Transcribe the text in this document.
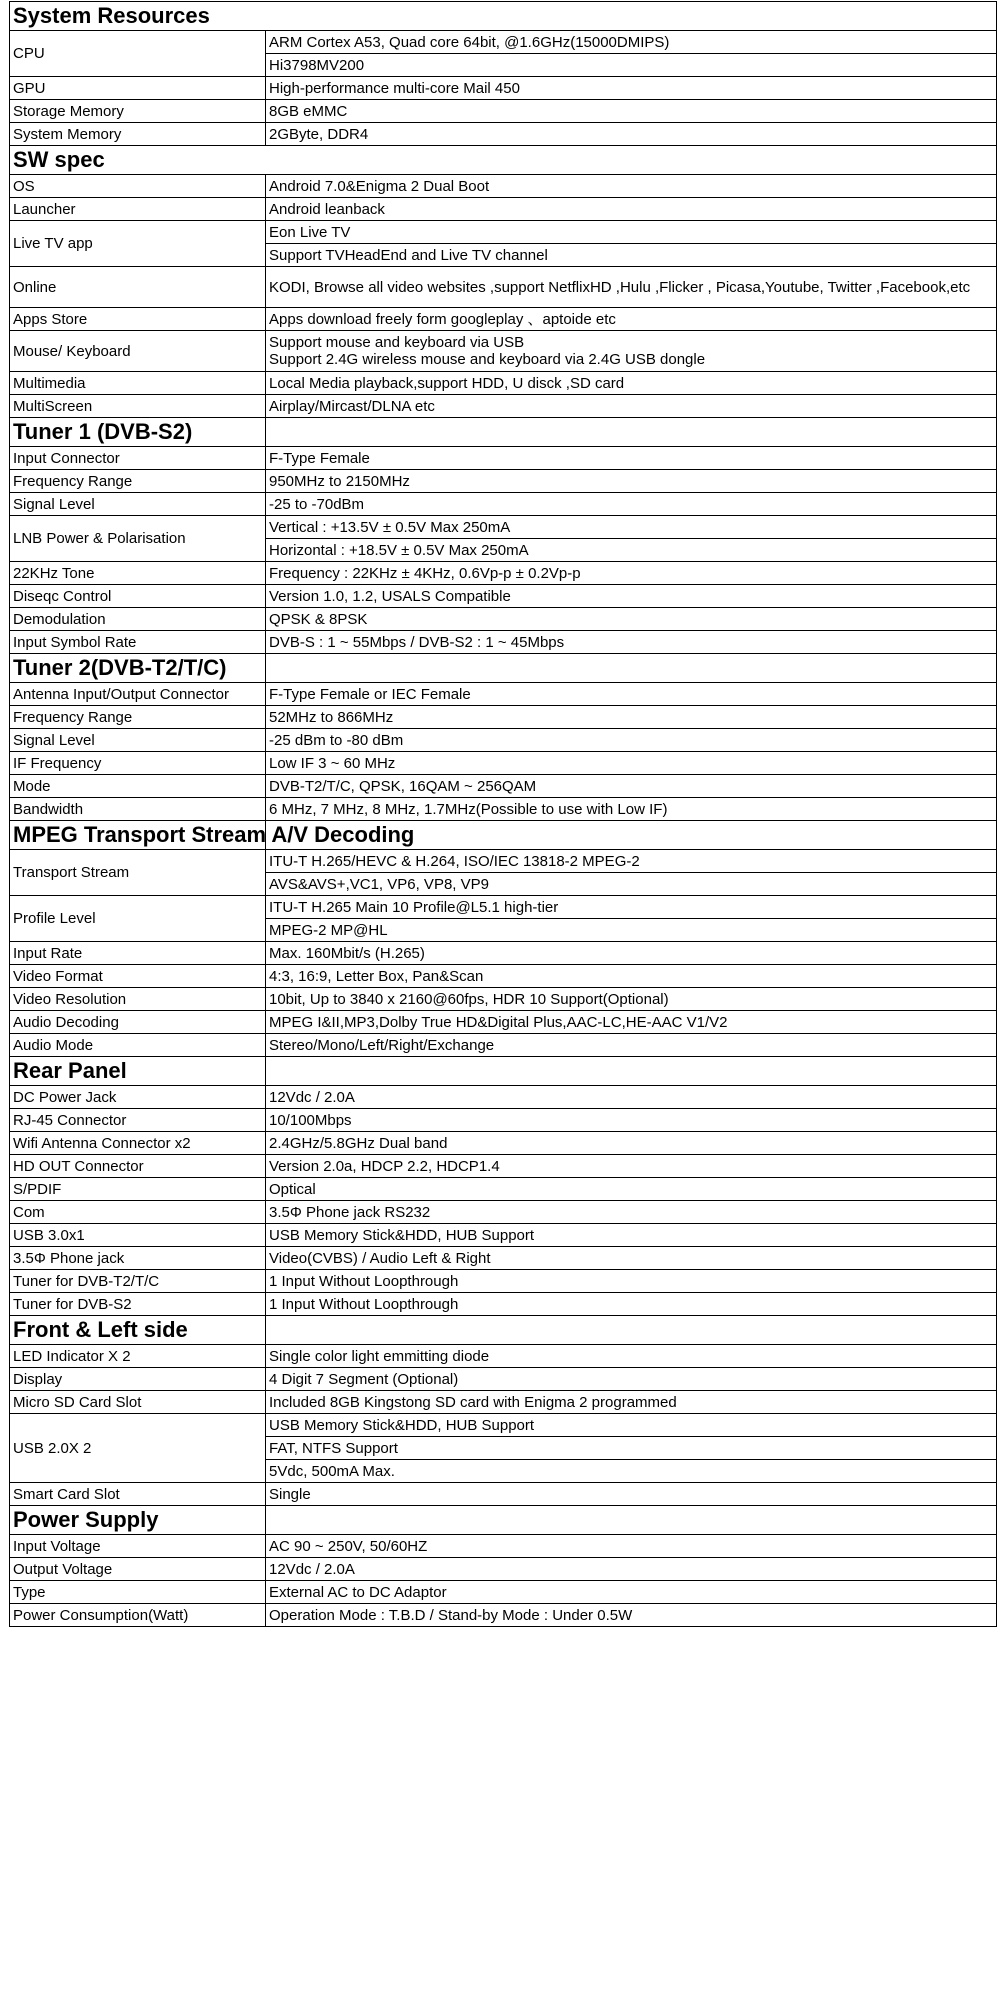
System Resources	
CPU	ARM Cortex A53, Quad core 64bit, @1.6GHz(15000DMIPS)
	Hi3798MV200
GPU	High-performance multi-core Mail 450
Storage Memory	8GB eMMC
System Memory	2GByte, DDR4
SW spec	
OS	Android 7.0&Enigma 2 Dual Boot
Launcher	Android leanback
Live TV app	Eon Live TV
	Support TVHeadEnd and Live TV channel
Online	KODI, Browse all video websites ,support NetflixHD ,Hulu ,Flicker , Picasa,Youtube, Twitter ,Facebook,etc
Apps Store	Apps download freely form googleplay 、aptoide etc
Mouse/ Keyboard	Support mouse and keyboard via USB
Support 2.4G wireless mouse and keyboard via 2.4G USB dongle
Multimedia	Local Media playback,support HDD, U disck ,SD card
MultiScreen	Airplay/Mircast/DLNA etc
Tuner 1 (DVB-S2)	
Input Connector	F-Type Female
Frequency Range	950MHz to 2150MHz
Signal Level	-25 to -70dBm
LNB Power & Polarisation	Vertical : +13.5V ± 0.5V Max 250mA
	Horizontal : +18.5V ± 0.5V Max 250mA
22KHz Tone	Frequency : 22KHz ± 4KHz, 0.6Vp-p ± 0.2Vp-p
Diseqc Control	Version 1.0, 1.2, USALS Compatible
Demodulation	QPSK & 8PSK
Input Symbol Rate	DVB-S : 1 ~ 55Mbps / DVB-S2 : 1 ~ 45Mbps
Tuner 2(DVB-T2/T/C)	
Antenna Input/Output Connector	F-Type Female or IEC Female
Frequency Range	52MHz to 866MHz
Signal Level	-25 dBm to -80 dBm
IF Frequency	Low IF 3 ~ 60 MHz
Mode	DVB-T2/T/C, QPSK, 16QAM ~ 256QAM
Bandwidth	6 MHz, 7 MHz, 8 MHz, 1.7MHz(Possible to use with Low IF)
MPEG Transport Stream A/V Decoding	
Transport Stream	ITU-T H.265/HEVC & H.264, ISO/IEC 13818-2 MPEG-2
	AVS&AVS+,VC1, VP6, VP8, VP9
Profile Level	ITU-T H.265 Main 10 Profile@L5.1 high-tier
	MPEG-2 MP@HL
Input Rate	Max. 160Mbit/s (H.265)
Video Format	4:3, 16:9, Letter Box, Pan&Scan
Video Resolution	10bit, Up to 3840 x 2160@60fps, HDR 10 Support(Optional)
Audio Decoding	MPEG I&II,MP3,Dolby True HD&Digital Plus,AAC-LC,HE-AAC V1/V2
Audio Mode	Stereo/Mono/Left/Right/Exchange
Rear Panel	
DC Power Jack	12Vdc / 2.0A
RJ-45 Connector	10/100Mbps
Wifi Antenna Connector x2	2.4GHz/5.8GHz Dual band
HD OUT Connector	Version 2.0a, HDCP 2.2, HDCP1.4
S/PDIF	Optical
Com	3.5Φ Phone jack RS232
USB 3.0x1	USB Memory Stick&HDD, HUB Support
3.5Φ Phone jack	Video(CVBS) / Audio Left & Right
Tuner for DVB-T2/T/C	1 Input Without Loopthrough
Tuner for DVB-S2	1 Input Without Loopthrough
Front & Left side	
LED Indicator X 2	Single color light emmitting diode
Display	4 Digit 7 Segment (Optional)
Micro SD Card Slot	Included 8GB Kingstong SD card with Enigma 2 programmed
USB 2.0X 2	USB Memory Stick&HDD, HUB Support
	FAT, NTFS Support
	5Vdc, 500mA Max.
Smart Card Slot	Single
Power Supply	
Input Voltage	AC 90 ~ 250V, 50/60HZ
Output Voltage	12Vdc / 2.0A
Type	External AC to DC Adaptor
Power Consumption(Watt)	Operation Mode : T.B.D / Stand-by Mode : Under 0.5W
